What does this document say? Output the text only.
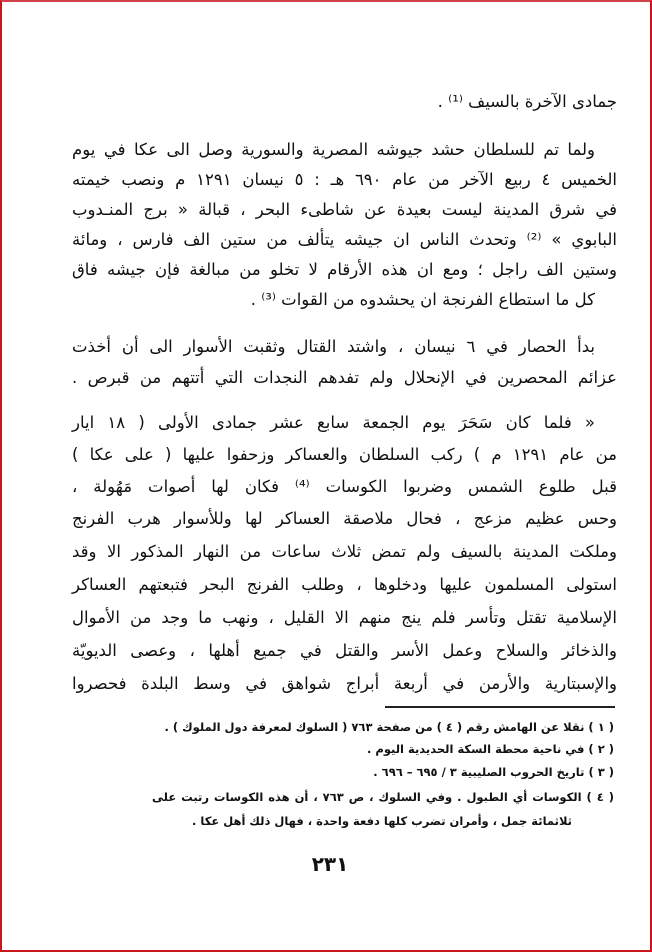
جمادى الآخرة بالسيف ⁽¹⁾ .
ولما تم للسلطان حشد جيوشه المصرية والسورية وصل الى عكا في يوم
الخميس ٤ ربيع الآخر من عام ٦٩٠ هـ : ٥ نيسان ١٢٩١ م ونصب خيمته
في شرق المدينة ليست بعيدة عن شاطىء البحر ، قبالة « برج المنـدوب
البابوي » ⁽²⁾ وتحدث الناس ان جيشه يتألف من ستين الف فارس ، ومائة
وستين الف راجل ؛ ومع ان هذه الأرقام لا تخلو من مبالغة فإن جيشه فاق
كل ما استطاع الفرنجة ان يحشدوه من القوات ⁽³⁾ .
بدأ الحصار في ٦ نيسان ، واشتد القتال وثقبت الأسوار الى أن أخذت
عزائم المحصرين في الإنحلال ولم تفدهم النجدات التي أتتهم من قبرص .
« فلما كان سَحَرَ يوم الجمعة سابع عشر جمادى الأولى ( ١٨ ايار
من عام ١٢٩١ م ) ركب السلطان والعساكر وزحفوا عليها ( على عكا )
قبل طلوع الشمس وضربوا الكوسات ⁽⁴⁾ فكان لها أصوات مَهُولة ،
وحس عظيم مزعج ، فحال ملاصقة العساكر لها وللأسوار هرب الفرنج
وملكت المدينة بالسيف ولم تمض ثلاث ساعات من النهار المذكور الا وقد
استولى المسلمون عليها ودخلوها ، وطلب الفرنج البحر فتبعتهم العساكر
الإسلامية تقتل وتأسر فلم ينج منهم الا القليل ، ونهب ما وجد من الأموال
والذخائر والسلاح وعمل الأسر والقتل في جميع أهلها ، وعصى الديويّة
والإسبتارية والأرمن في أربعة أبراج شواهق في وسط البلدة فحصروا
( ١ ) نقلا عن الهامش رقم ( ٤ ) من صفحة ٧٦٣ ( السلوك لمعرفة دول الملوك ) .
( ٢ ) في ناحية محطة السكة الحديدية اليوم .
( ٣ ) تاريخ الحروب الصليبية ٣ / ٦٩٥ – ٦٩٦ .
( ٤ ) الكوسات أي الطبول . وفي السلوك ، ص ٧٦٣ ، أن هذه الكوسات رتبت على
ثلاثمائة جمل ، وأمران تضرب كلها دفعة واحدة ، فهال ذلك أهل عكا .
٢٣١
